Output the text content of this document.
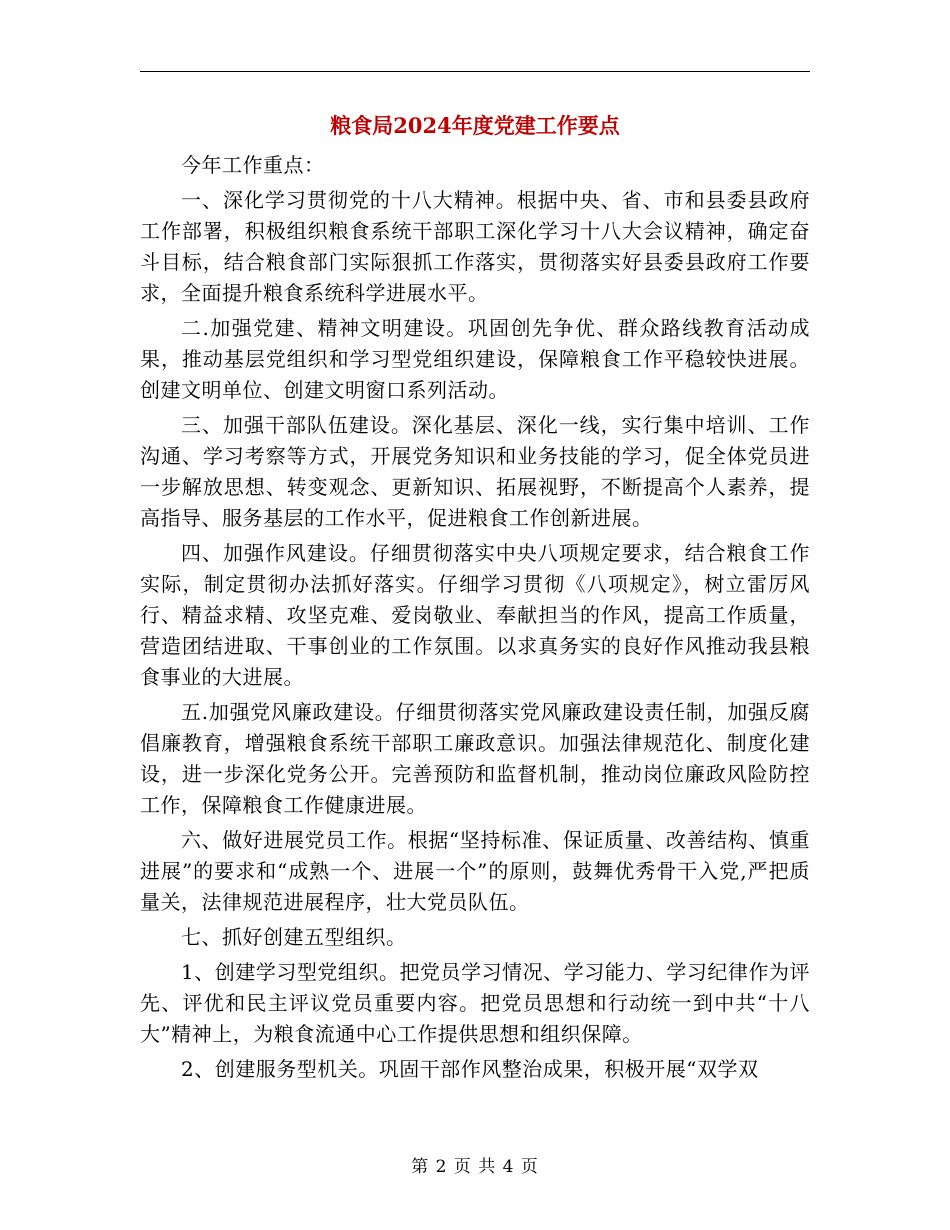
粮食局2024年度党建工作要点

今年工作重点：

一、深化学习贯彻党的十八大精神。根据中央、省、市和县委县政府工作部署，积极组织粮食系统干部职工深化学习十八大会议精神，确定奋斗目标，结合粮食部门实际狠抓工作落实，贯彻落实好县委县政府工作要求，全面提升粮食系统科学进展水平。

二.加强党建、精神文明建设。巩固创先争优、群众路线教育活动成果，推动基层党组织和学习型党组织建设，保障粮食工作平稳较快进展。创建文明单位、创建文明窗口系列活动。

三、加强干部队伍建设。深化基层、深化一线，实行集中培训、工作沟通、学习考察等方式，开展党务知识和业务技能的学习，促全体党员进一步解放思想、转变观念、更新知识、拓展视野，不断提高个人素养，提高指导、服务基层的工作水平，促进粮食工作创新进展。

四、加强作风建设。仔细贯彻落实中央八项规定要求，结合粮食工作实际，制定贯彻办法抓好落实。仔细学习贯彻《八项规定》，树立雷厉风行、精益求精、攻坚克难、爱岗敬业、奉献担当的作风，提高工作质量，营造团结进取、干事创业的工作氛围。以求真务实的良好作风推动我县粮食事业的大进展。

五.加强党风廉政建设。仔细贯彻落实党风廉政建设责任制，加强反腐倡廉教育，增强粮食系统干部职工廉政意识。加强法律规范化、制度化建设，进一步深化党务公开。完善预防和监督机制，推动岗位廉政风险防控工作，保障粮食工作健康进展。

六、做好进展党员工作。根据“坚持标准、保证质量、改善结构、慎重进展”的要求和“成熟一个、进展一个”的原则，鼓舞优秀骨干入党,严把质量关，法律规范进展程序，壮大党员队伍。

七、抓好创建五型组织。

1、创建学习型党组织。把党员学习情况、学习能力、学习纪律作为评先、评优和民主评议党员重要内容。把党员思想和行动统一到中共“十八大”精神上，为粮食流通中心工作提供思想和组织保障。

2、创建服务型机关。巩固干部作风整治成果，积极开展“双学双

第 2 页 共 4 页
